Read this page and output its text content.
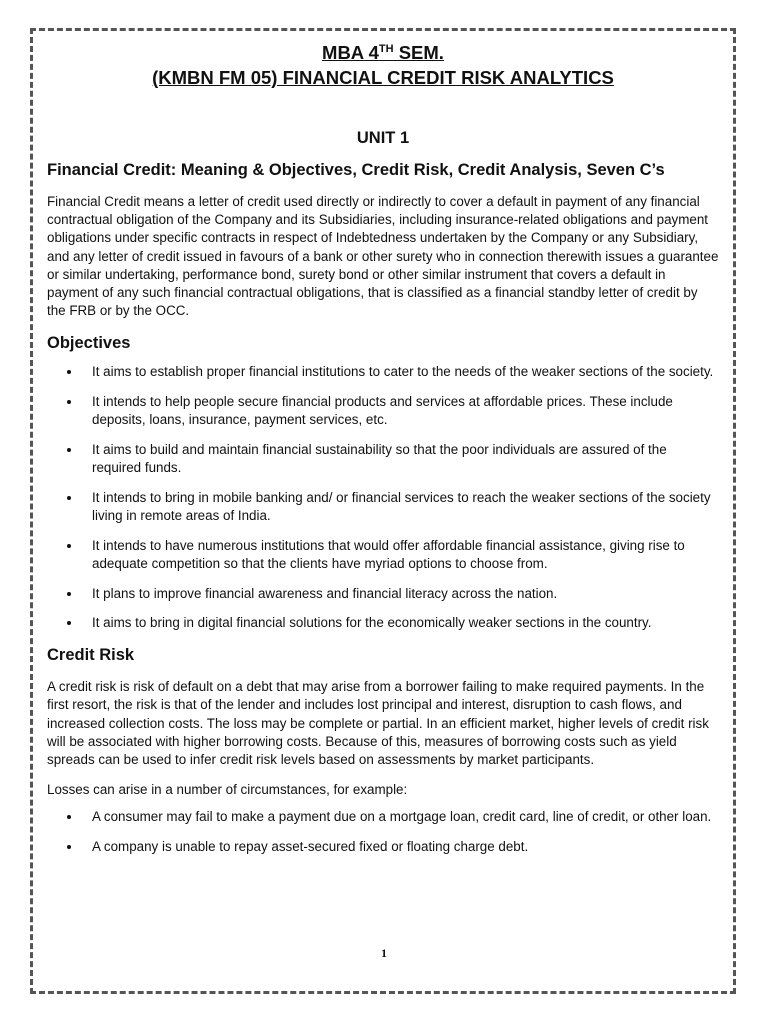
MBA 4TH SEM.
(KMBN FM 05) FINANCIAL CREDIT RISK ANALYTICS
UNIT 1
Financial Credit: Meaning & Objectives, Credit Risk, Credit Analysis, Seven C’s

Financial Credit means a letter of credit used directly or indirectly to cover a default in payment of any financial contractual obligation of the Company and its Subsidiaries, including insurance-related obligations and payment obligations under specific contracts in respect of Indebtedness undertaken by the Company or any Subsidiary, and any letter of credit issued in favours of a bank or other surety who in connection therewith issues a guarantee or similar undertaking, performance bond, surety bond or other similar instrument that covers a default in payment of any such financial contractual obligations, that is classified as a financial standby letter of credit by the FRB or by the OCC.

Objectives
It aims to establish proper financial institutions to cater to the needs of the weaker sections of the society.
It intends to help people secure financial products and services at affordable prices. These include deposits, loans, insurance, payment services, etc.
It aims to build and maintain financial sustainability so that the poor individuals are assured of the required funds.
It intends to bring in mobile banking and/ or financial services to reach the weaker sections of the society living in remote areas of India.
It intends to have numerous institutions that would offer affordable financial assistance, giving rise to adequate competition so that the clients have myriad options to choose from.
It plans to improve financial awareness and financial literacy across the nation.
It aims to bring in digital financial solutions for the economically weaker sections in the country.
Credit Risk

A credit risk is risk of default on a debt that may arise from a borrower failing to make required payments. In the first resort, the risk is that of the lender and includes lost principal and interest, disruption to cash flows, and increased collection costs. The loss may be complete or partial. In an efficient market, higher levels of credit risk will be associated with higher borrowing costs. Because of this, measures of borrowing costs such as yield spreads can be used to infer credit risk levels based on assessments by market participants.

Losses can arise in a number of circumstances, for example:

A consumer may fail to make a payment due on a mortgage loan, credit card, line of credit, or other loan.
A company is unable to repay asset-secured fixed or floating charge debt.
1
